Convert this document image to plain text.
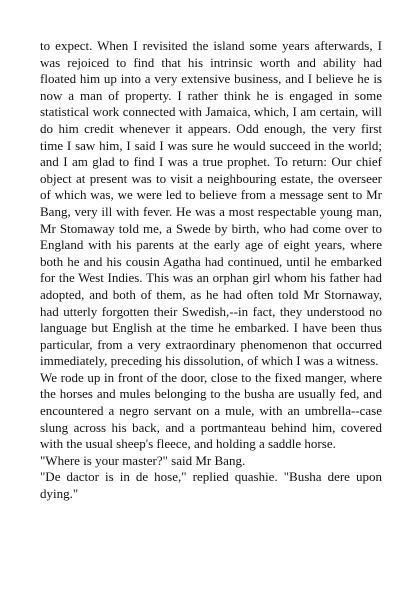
to expect. When I revisited the island some years afterwards, I was rejoiced to find that his intrinsic worth and ability had floated him up into a very extensive business, and I believe he is now a man of property. I rather think he is engaged in some statistical work connected with Jamaica, which, I am certain, will do him credit whenever it appears. Odd enough, the very first time I saw him, I said I was sure he would succeed in the world; and I am glad to find I was a true prophet. To return: Our chief object at present was to visit a neighbouring estate, the overseer of which was, we were led to believe from a message sent to Mr Bang, very ill with fever. He was a most respectable young man, Mr Stomaway told me, a Swede by birth, who had come over to England with his parents at the early age of eight years, where both he and his cousin Agatha had continued, until he embarked for the West Indies. This was an orphan girl whom his father had adopted, and both of them, as he had often told Mr Stornaway, had utterly forgotten their Swedish,--in fact, they understood no language but English at the time he embarked. I have been thus particular, from a very extraordinary phenomenon that occurred immediately, preceding his dissolution, of which I was a witness.

We rode up in front of the door, close to the fixed manger, where the horses and mules belonging to the busha are usually fed, and encountered a negro servant on a mule, with an umbrella--case slung across his back, and a portmanteau behind him, covered with the usual sheep's fleece, and holding a saddle horse.

"Where is your master?" said Mr Bang.

"De dactor is in de hose," replied quashie. "Busha dere upon dying."
